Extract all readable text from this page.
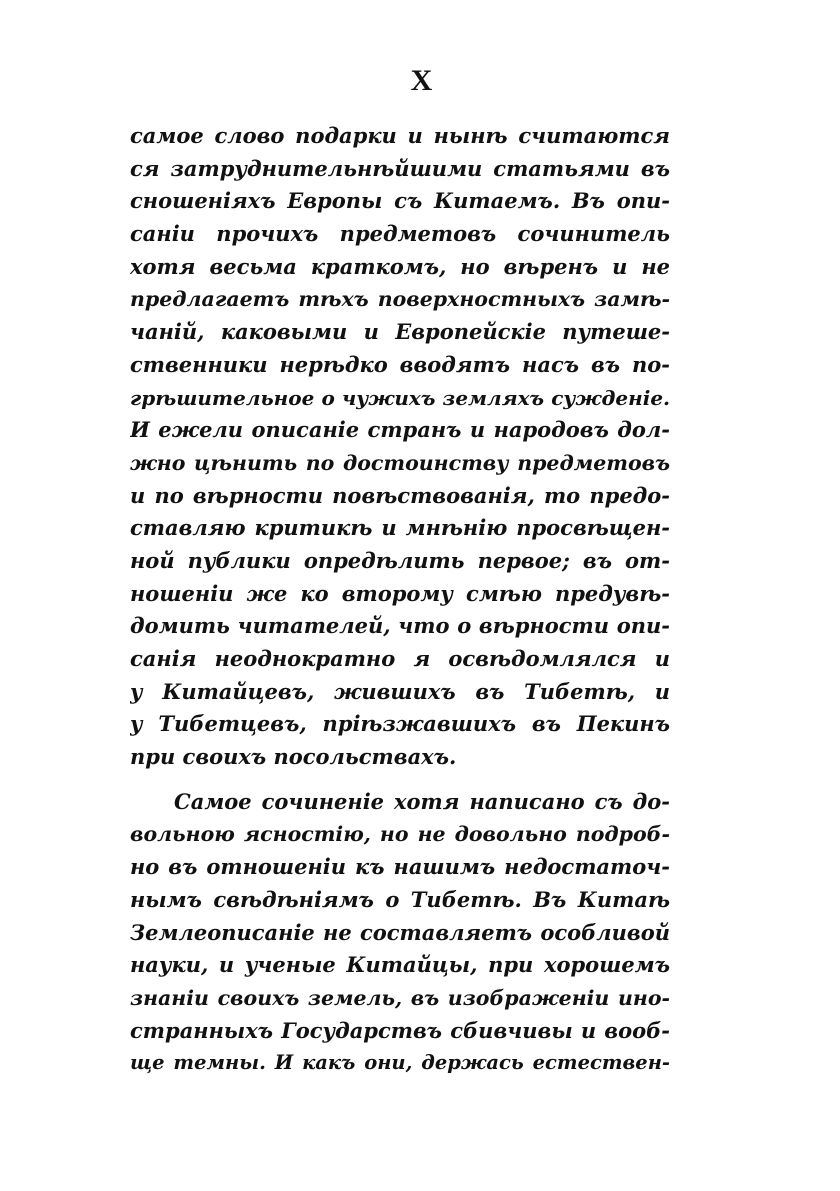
X
самое слово подарки и нынѣ считаются
ся затруднительнѣйшими статьями въ
сношеніяхъ Европы съ Китаемъ. Въ опи-
саніи прочихъ предметовъ сочинитель
хотя весьма краткомъ, но вѣренъ и не
предлагаетъ тѣхъ поверхностныхъ замѣ-
чаній, каковыми и Европейскіе путеше-
ственники нерѣдко вводятъ насъ въ по-
грѣшительное о чужихъ земляхъ сужденіе.
И ежели описаніе странъ и народовъ дол-
жно цѣнить по достоинству предметовъ
и по вѣрности повѣствованія, то предо-
ставляю критикѣ и мнѣнію просвѣщен-
ной публики опредѣлить первое; въ от-
ношеніи же ко второму смѣю предувѣ-
домить читателей, что о вѣрности опи-
санія неоднократно я освѣдомлялся и
у Китайцевъ, жившихъ въ Тибетѣ, и
у Тибетцевъ, пріѣзжавшихъ въ Пекинъ
при своихъ посольствахъ.
Самое сочиненіе хотя написано съ до-
вольною ясностію, но не довольно подроб-
но въ отношеніи къ нашимъ недостаточ-
нымъ свѣдѣніямъ о Тибетѣ. Въ Китаѣ
Землеописаніе не составляетъ особливой
науки, и ученые Китайцы, при хорошемъ
знаніи своихъ земель, въ изображеніи ино-
странныхъ Государствъ сбивчивы и вооб-
ще темны. И какъ они, держась естествен-
